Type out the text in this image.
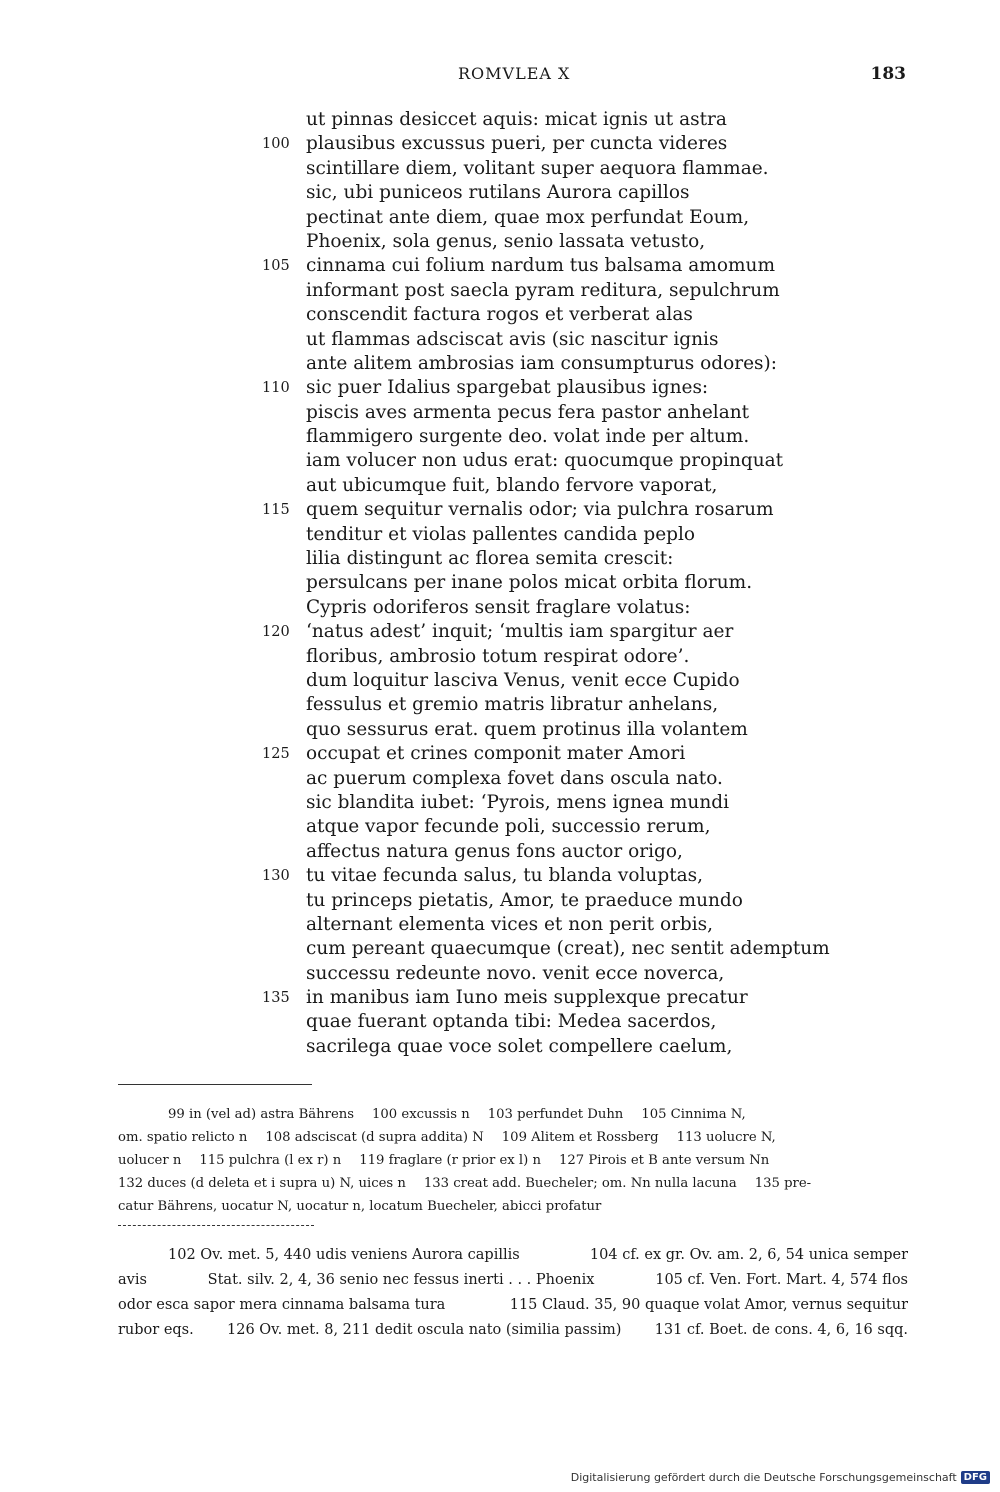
ROMVLEA X	183
ut pinnas desiccet aquis: micat ignis ut astra
100 plausibus excussus pueri, per cuncta videres
scintillare diem, volitant super aequora flammae.
sic, ubi puniceos rutilans Aurora capillos
pectinat ante diem, quae mox perfundat Eoum,
Phoenix, sola genus, senio lassata vetusto,
105 cinnama cui folium nardum tus balsama amomum
informant post saecla pyram reditura, sepulchrum
conscendit factura rogos et verberat alas
ut flammas adsciscat avis (sic nascitur ignis
ante alitem ambrosias iam consumpturus odores):
110 sic puer Idalius spargebat plausibus ignes:
piscis aves armenta pecus fera pastor anhelant
flammigero surgente deo. volat inde per altum.
iam volucer non udus erat: quocumque propinquat
aut ubicumque fuit, blando fervore vaporat,
115 quem sequitur vernalis odor; via pulchra rosarum
tenditur et violas pallentes candida peplo
lilia distingunt ac florea semita crescit:
persulcans per inane polos micat orbita florum.
Cypris odoriferos sensit fraglare volatus:
120 ‘natus adest’ inquit; ‘multis iam spargitur aer
floribus, ambrosio totum respirat odore’.
dum loquitur lasciva Venus, venit ecce Cupido
fessulus et gremio matris libratur anhelans,
quo sessurus erat. quem protinus illa volantem
125 occupat et crines componit mater Amori
ac puerum complexa fovet dans oscula nato.
sic blandita iubet: ‘Pyrois, mens ignea mundi
atque vapor fecunde poli, successio rerum,
affectus natura genus fons auctor origo,
130 tu vitae fecunda salus, tu blanda voluptas,
tu princeps pietatis, Amor, te praeduce mundo
alternant elementa vices et non perit orbis,
cum pereant quaecumque (creat), nec sentit ademptum
successu redeunte novo. venit ecce noverca,
135 in manibus iam Iuno meis supplexque precatur
quae fuerant optanda tibi: Medea sacerdos,
sacrilega quae voce solet compellere caelum,
99 in (vel ad) astra Bährens 100 excussis n 103 perfundet Duhn 105 Cinnima N,
om. spatio relicto n 108 adsciscat (d supra addita) N 109 Alitem et Rossberg 113 uolucre N,
uolucer n 115 pulchra (l ex r) n 119 fraglare (r prior ex l) n 127 Pirois et B ante versum Nn
132 duces (d deleta et i supra u) N, uices n 133 creat add. Buecheler; om. Nn nulla lacuna 135 pre-
catur Bährens, uocatur N, uocatur n, locatum Buecheler, abicci profatur
102 Ov. met. 5, 440 udis veniens Aurora capillis	104 cf. ex gr. Ov. am. 2, 6, 54 unica semper
avis	Stat. silv. 2, 4, 36 senio nec fessus inerti . . . Phoenix	105 cf. Ven. Fort. Mart. 4, 574 flos
odor esca sapor mera cinnama balsama tura	115 Claud. 35, 90 quaque volat Amor, vernus sequitur
rubor eqs. 126 Ov. met. 8, 211 dedit oscula nato (similia passim) 131 cf. Boet. de cons. 4, 6, 16 sqq.
Digitalisierung gefördert durch die Deutsche Forschungsgemeinschaft DFG
